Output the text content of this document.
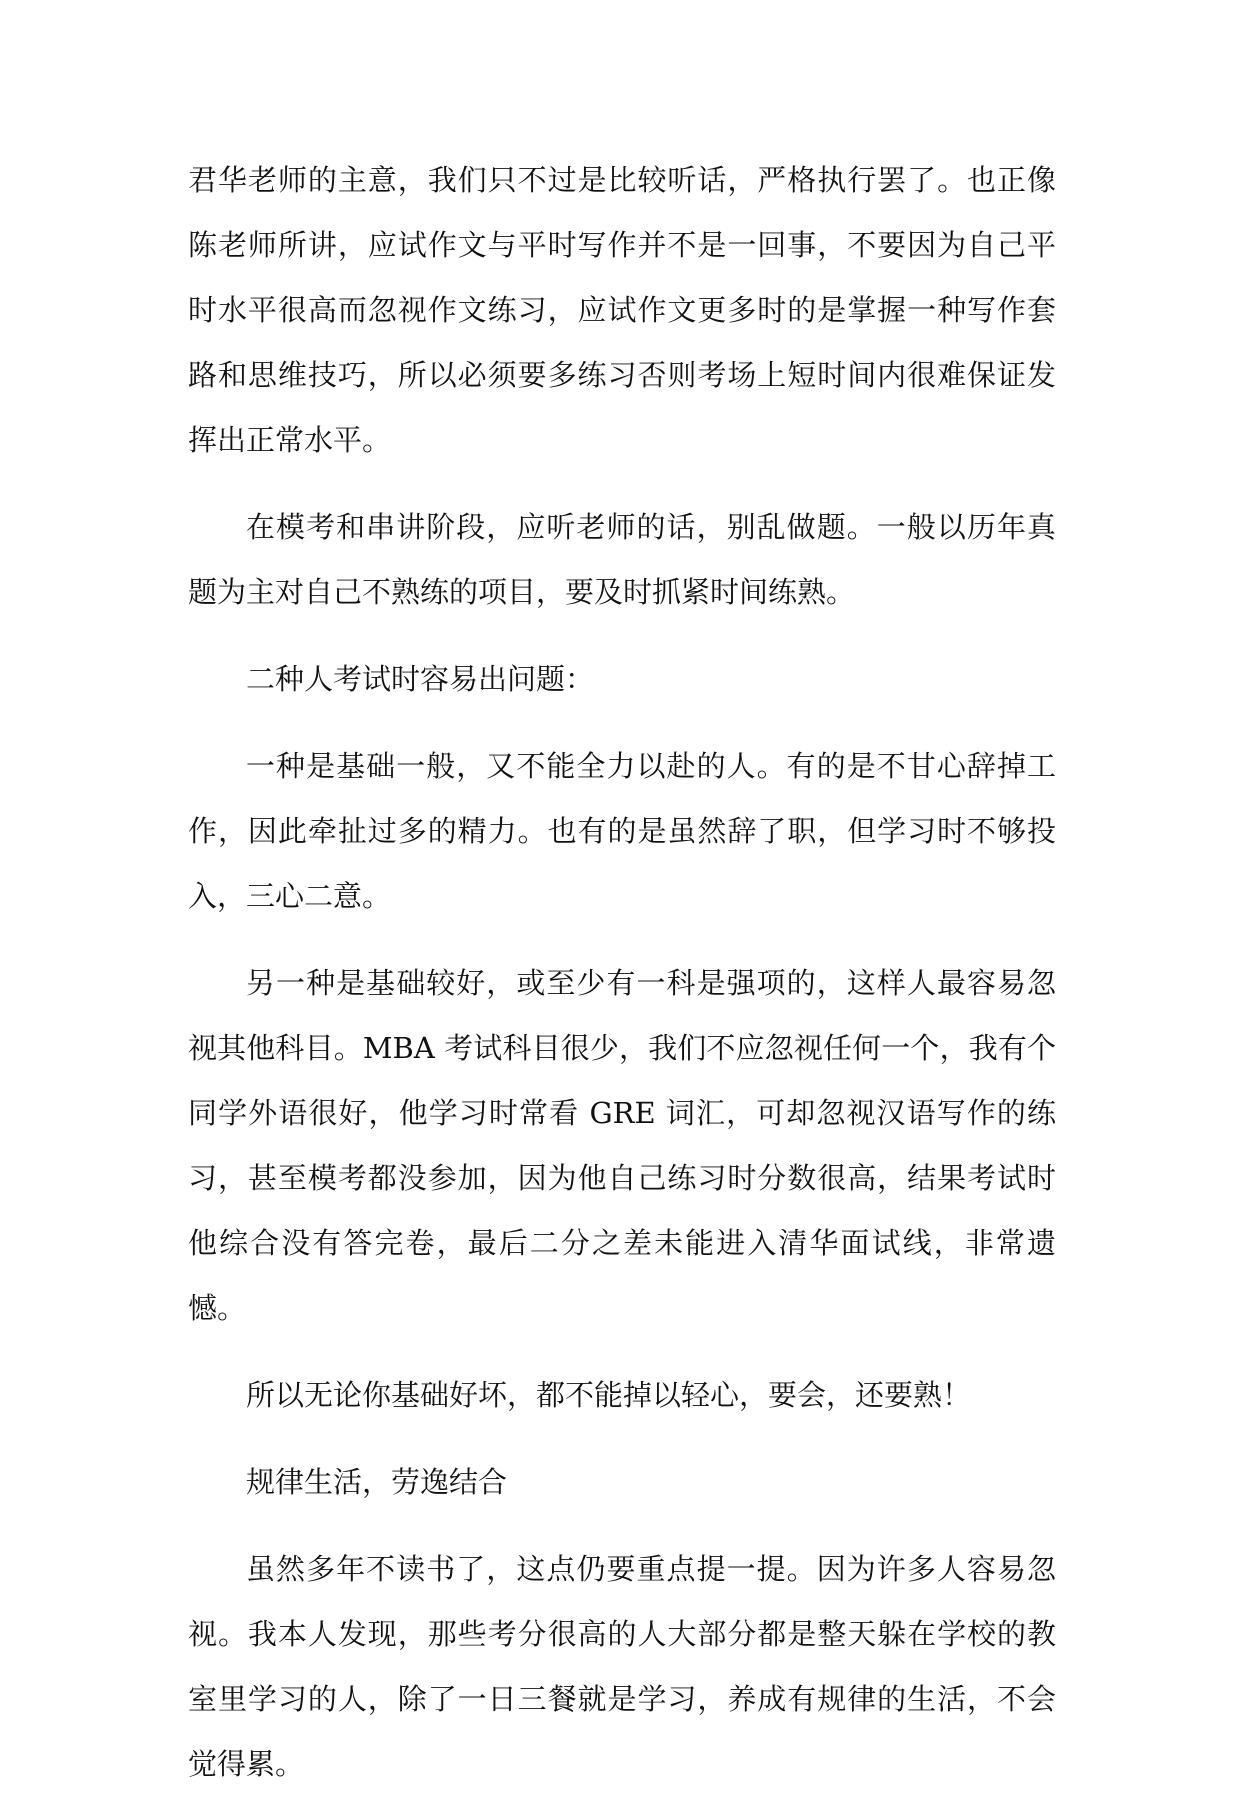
君华老师的主意，我们只不过是比较听话，严格执行罢了。也正像陈老师所讲，应试作文与平时写作并不是一回事，不要因为自己平时水平很高而忽视作文练习，应试作文更多时的是掌握一种写作套路和思维技巧，所以必须要多练习否则考场上短时间内很难保证发挥出正常水平。

在模考和串讲阶段，应听老师的话，别乱做题。一般以历年真题为主对自己不熟练的项目，要及时抓紧时间练熟。

二种人考试时容易出问题：

一种是基础一般，又不能全力以赴的人。有的是不甘心辞掉工作，因此牵扯过多的精力。也有的是虽然辞了职，但学习时不够投入，三心二意。

另一种是基础较好，或至少有一科是强项的，这样人最容易忽视其他科目。MBA 考试科目很少，我们不应忽视任何一个，我有个同学外语很好，他学习时常看 GRE 词汇，可却忽视汉语写作的练习，甚至模考都没参加，因为他自己练习时分数很高，结果考试时他综合没有答完卷，最后二分之差未能进入清华面试线，非常遗憾。

所以无论你基础好坏，都不能掉以轻心，要会，还要熟！

规律生活，劳逸结合

虽然多年不读书了，这点仍要重点提一提。因为许多人容易忽视。我本人发现，那些考分很高的人大部分都是整天躲在学校的教室里学习的人，除了一日三餐就是学习，养成有规律的生活，不会觉得累。
